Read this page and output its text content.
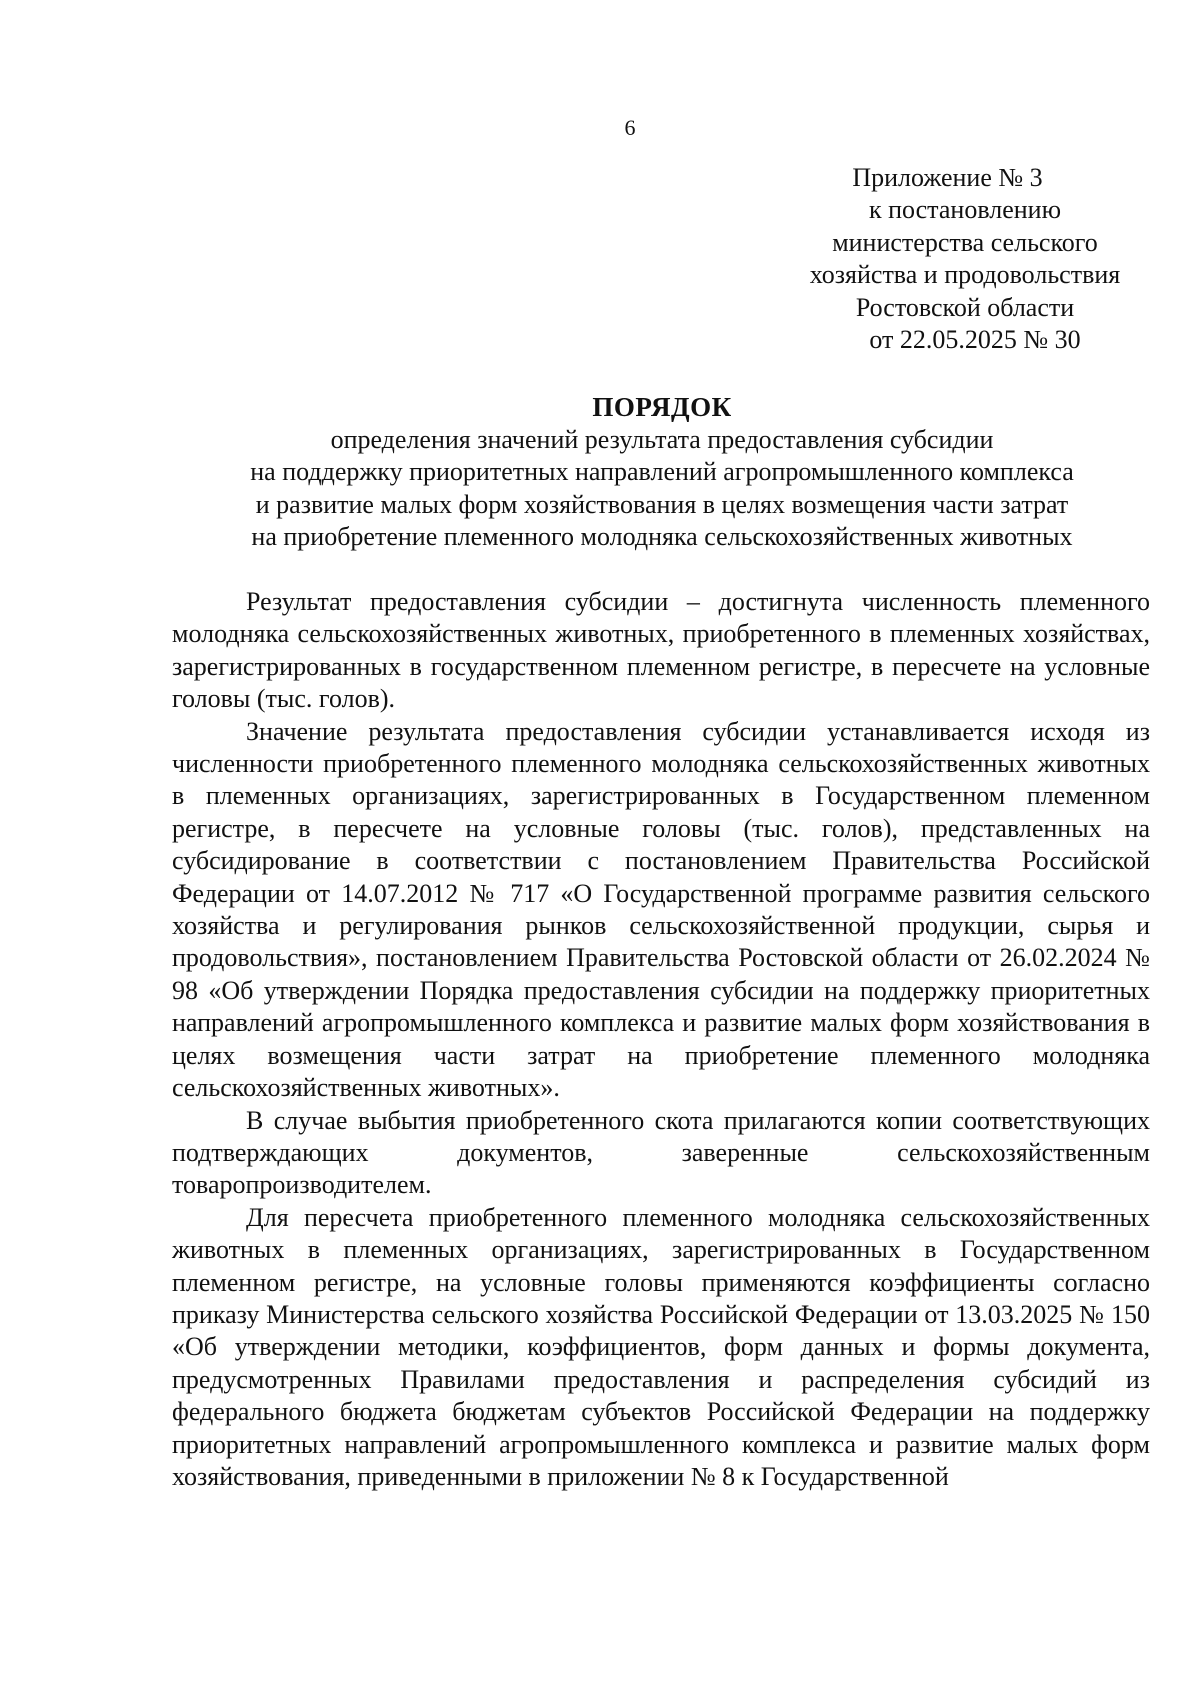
6
Приложение № 3
к постановлению
министерства сельского
хозяйства и продовольствия
Ростовской области
от 22.05.2025 № 30
ПОРЯДОК
определения значений результата предоставления субсидии
на поддержку приоритетных направлений агропромышленного комплекса
и развитие малых форм хозяйствования в целях возмещения части затрат
на приобретение племенного молодняка сельскохозяйственных животных

Результат предоставления субсидии – достигнута численность племенного молодняка сельскохозяйственных животных, приобретенного в племенных хозяйствах, зарегистрированных в государственном племенном регистре, в пересчете на условные головы (тыс. голов).

Значение результата предоставления субсидии устанавливается исходя из численности приобретенного племенного молодняка сельскохозяйственных животных в племенных организациях, зарегистрированных в Государственном племенном регистре, в пересчете на условные головы (тыс. голов), представленных на субсидирование в соответствии с постановлением Правительства Российской Федерации от 14.07.2012 № 717 «О Государственной программе развития сельского хозяйства и регулирования рынков сельскохозяйственной продукции, сырья и продовольствия», постановлением Правительства Ростовской области от 26.02.2024 № 98 «Об утверждении Порядка предоставления субсидии на поддержку приоритетных направлений агропромышленного комплекса и развитие малых форм хозяйствования в целях возмещения части затрат на приобретение племенного молодняка сельскохозяйственных животных».

В случае выбытия приобретенного скота прилагаются копии соответствующих подтверждающих документов, заверенные сельскохозяйственным товаропроизводителем.

Для пересчета приобретенного племенного молодняка сельскохозяйственных животных в племенных организациях, зарегистрированных в Государственном племенном регистре, на условные головы применяются коэффициенты согласно приказу Министерства сельского хозяйства Российской Федерации от 13.03.2025 № 150 «Об утверждении методики, коэффициентов, форм данных и формы документа, предусмотренных Правилами предоставления и распределения субсидий из федерального бюджета бюджетам субъектов Российской Федерации на поддержку приоритетных направлений агропромышленного комплекса и развитие малых форм хозяйствования, приведенными в приложении № 8 к Государственной
